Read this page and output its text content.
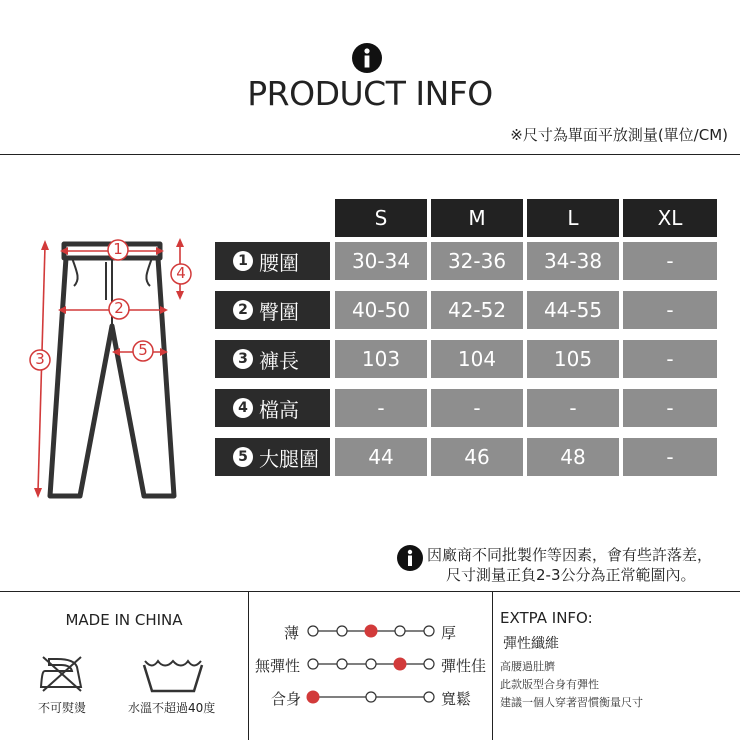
PRODUCT INFO
※尺寸為單面平放測量(單位/CM)
1
2
3
4
5
S	M	L	XL
1 腰圍	30-34	32-36	34-38	-
2 臀圍	40-50	42-52	44-55	-
3 褲長	103	104	105	-
4 檔高	-	-	-	-
5 大腿圍	44	46	48	-
因廠商不同批製作等因素，會有些許落差，
尺寸測量正負2-3公分為正常範圍內。
MADE IN CHINA
不可熨燙	水溫不超過40度
薄	厚
無彈性	彈性佳
合身	寬鬆
EXTPA INFO:
彈性纖維
高腰過肚臍
此款版型合身有彈性
建議一個人穿著習慣衡量尺寸
